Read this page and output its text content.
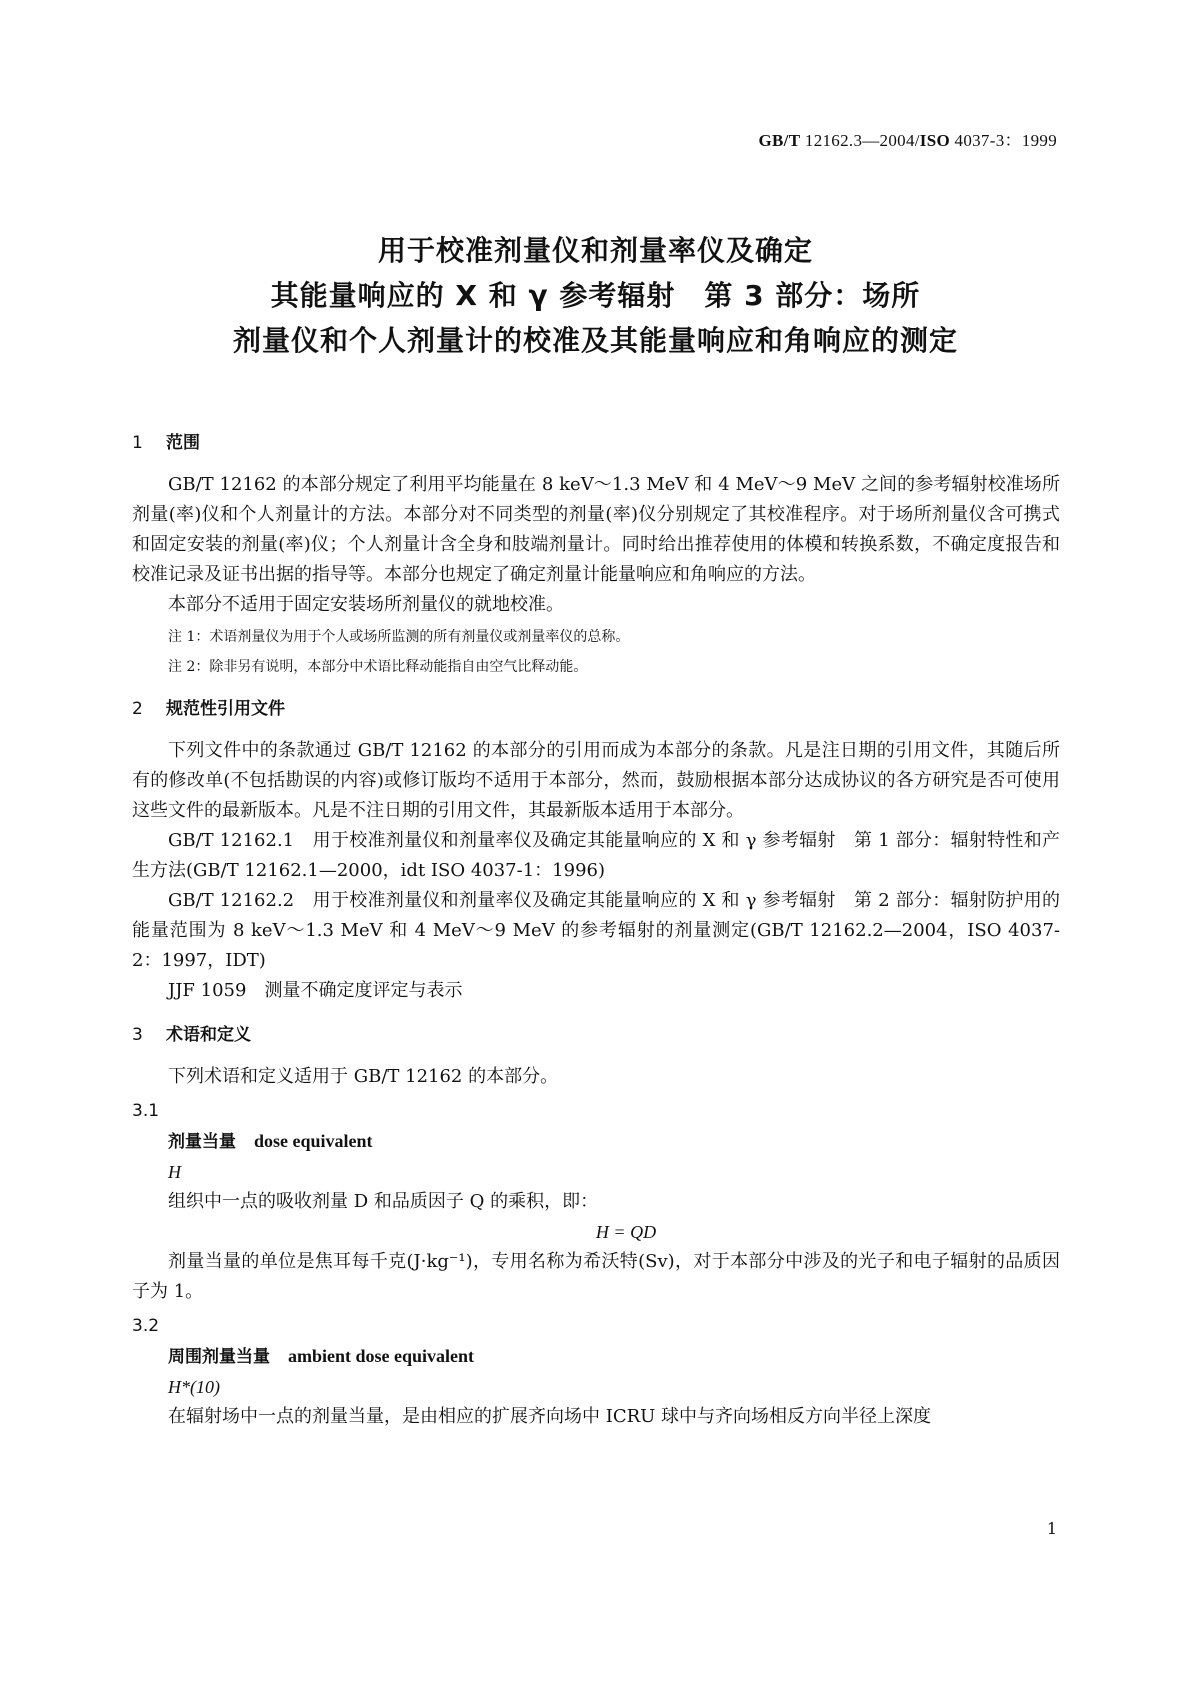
GB/T 12162.3—2004/ISO 4037-3：1999
用于校准剂量仪和剂量率仪及确定
其能量响应的 X 和 γ 参考辐射　第 3 部分：场所
剂量仪和个人剂量计的校准及其能量响应和角响应的测定
1 范围

GB/T 12162 的本部分规定了利用平均能量在 8 keV～1.3 MeV 和 4 MeV～9 MeV 之间的参考辐射校准场所剂量(率)仪和个人剂量计的方法。本部分对不同类型的剂量(率)仪分别规定了其校准程序。对于场所剂量仪含可携式和固定安装的剂量(率)仪；个人剂量计含全身和肢端剂量计。同时给出推荐使用的体模和转换系数，不确定度报告和校准记录及证书出据的指导等。本部分也规定了确定剂量计能量响应和角响应的方法。

本部分不适用于固定安装场所剂量仪的就地校准。

注 1：术语剂量仪为用于个人或场所监测的所有剂量仪或剂量率仪的总称。
注 2：除非另有说明，本部分中术语比释动能指自由空气比释动能。
2 规范性引用文件

下列文件中的条款通过 GB/T 12162 的本部分的引用而成为本部分的条款。凡是注日期的引用文件，其随后所有的修改单(不包括勘误的内容)或修订版均不适用于本部分，然而，鼓励根据本部分达成协议的各方研究是否可使用这些文件的最新版本。凡是不注日期的引用文件，其最新版本适用于本部分。

GB/T 12162.1　用于校准剂量仪和剂量率仪及确定其能量响应的 X 和 γ 参考辐射　第 1 部分：辐射特性和产生方法(GB/T 12162.1—2000，idt ISO 4037-1：1996)
GB/T 12162.2　用于校准剂量仪和剂量率仪及确定其能量响应的 X 和 γ 参考辐射　第 2 部分：辐射防护用的能量范围为 8 keV～1.3 MeV 和 4 MeV～9 MeV 的参考辐射的剂量测定(GB/T 12162.2—2004，ISO 4037-2：1997，IDT)
JJF 1059　测量不确定度评定与表示
3 术语和定义

下列术语和定义适用于 GB/T 12162 的本部分。

3.1
剂量当量 dose equivalent
H
组织中一点的吸收剂量 D 和品质因子 Q 的乘积，即：
H = QD

剂量当量的单位是焦耳每千克(J·kg⁻¹)，专用名称为希沃特(Sv)，对于本部分中涉及的光子和电子辐射的品质因子为 1。

3.2
周围剂量当量 ambient dose equivalent
H*(10)
在辐射场中一点的剂量当量，是由相应的扩展齐向场中 ICRU 球中与齐向场相反方向半径上深度
1
